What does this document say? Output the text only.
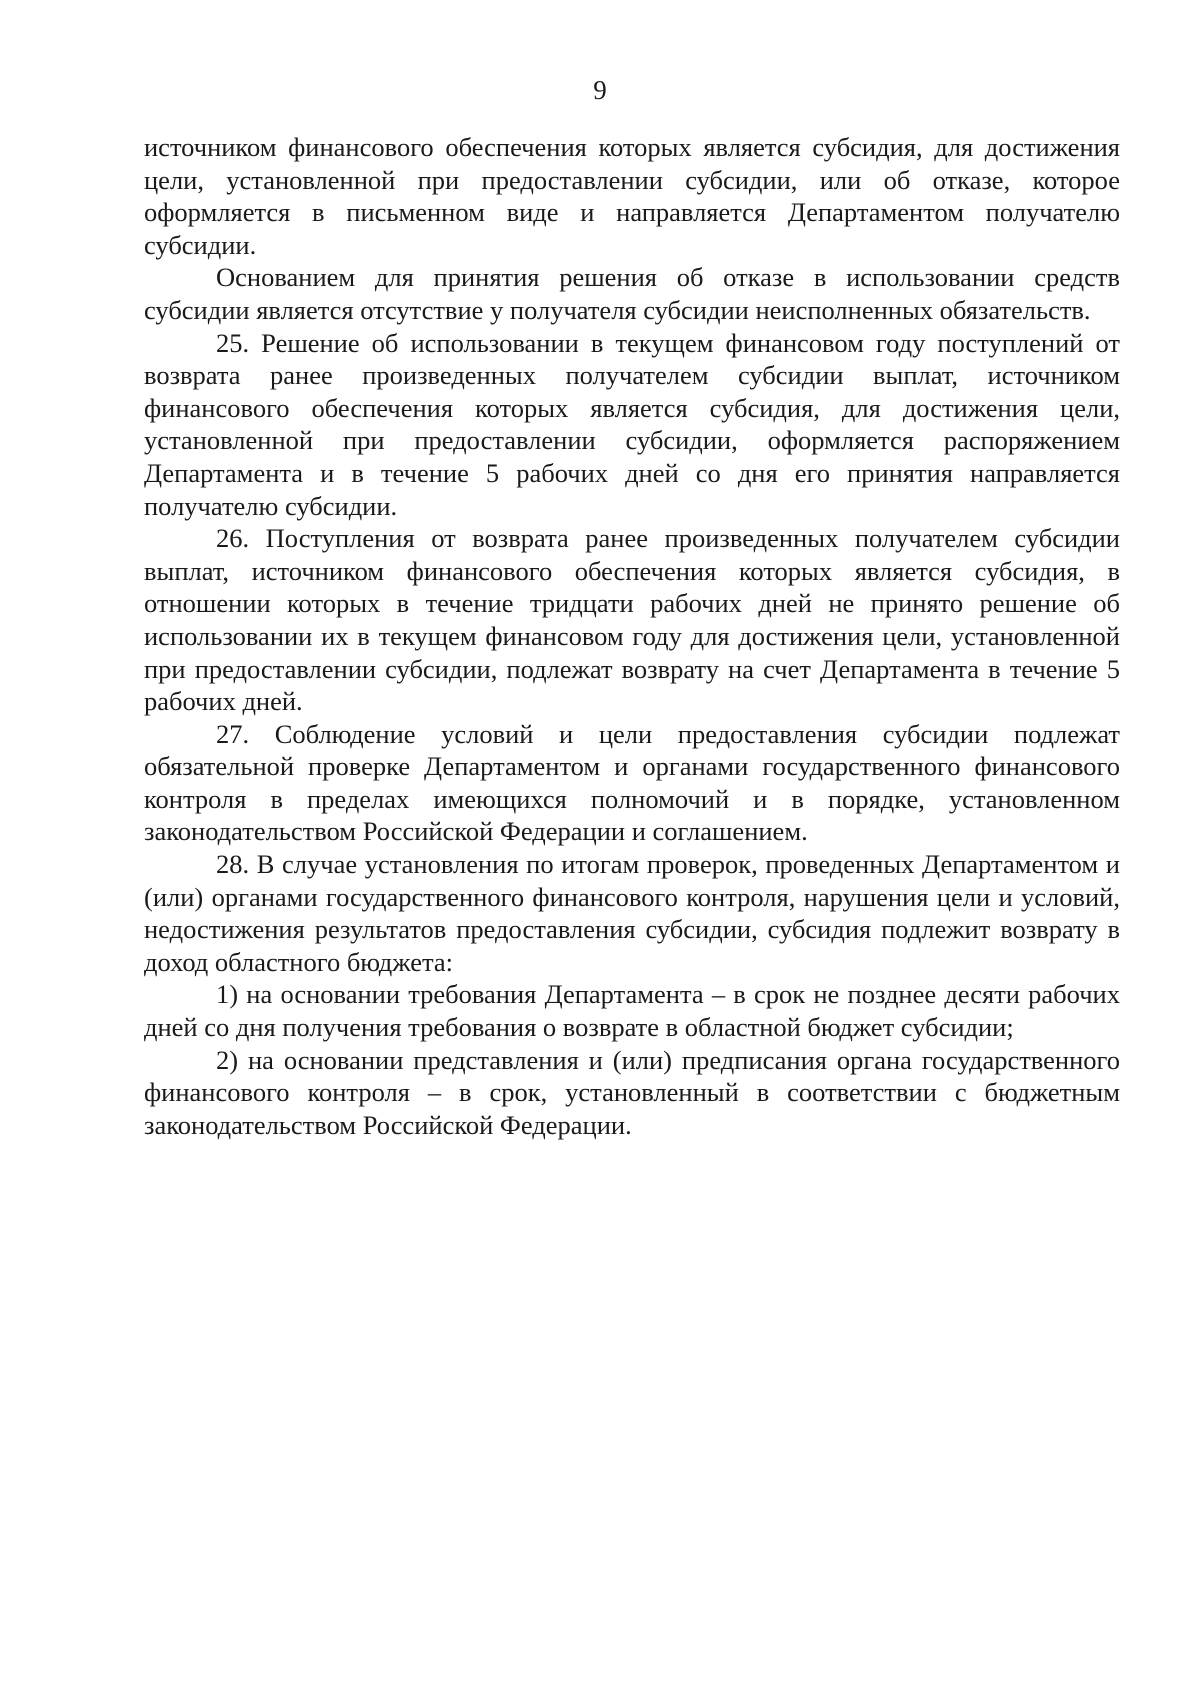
9

источником финансового обеспечения которых является субсидия, для достижения цели, установленной при предоставлении субсидии, или об отказе, которое оформляется в письменном виде и направляется Департаментом получателю субсидии.

Основанием для принятия решения об отказе в использовании средств субсидии является отсутствие у получателя субсидии неисполненных обязательств.

25. Решение об использовании в текущем финансовом году поступлений от возврата ранее произведенных получателем субсидии выплат, источником финансового обеспечения которых является субсидия, для достижения цели, установленной при предоставлении субсидии, оформляется распоряжением Департамента и в течение 5 рабочих дней со дня его принятия направляется получателю субсидии.

26. Поступления от возврата ранее произведенных получателем субсидии выплат, источником финансового обеспечения которых является субсидия, в отношении которых в течение тридцати рабочих дней не принято решение об использовании их в текущем финансовом году для достижения цели, установленной при предоставлении субсидии, подлежат возврату на счет Департамента в течение 5 рабочих дней.

27. Соблюдение условий и цели предоставления субсидии подлежат обязательной проверке Департаментом и органами государственного финансового контроля в пределах имеющихся полномочий и в порядке, установленном законодательством Российской Федерации и соглашением.

28. В случае установления по итогам проверок, проведенных Департаментом и (или) органами государственного финансового контроля, нарушения цели и условий, недостижения результатов предоставления субсидии, субсидия подлежит возврату в доход областного бюджета:

1) на основании требования Департамента – в срок не позднее десяти рабочих дней со дня получения требования о возврате в областной бюджет субсидии;

2) на основании представления и (или) предписания органа государственного финансового контроля – в срок, установленный в соответствии с бюджетным законодательством Российской Федерации.
